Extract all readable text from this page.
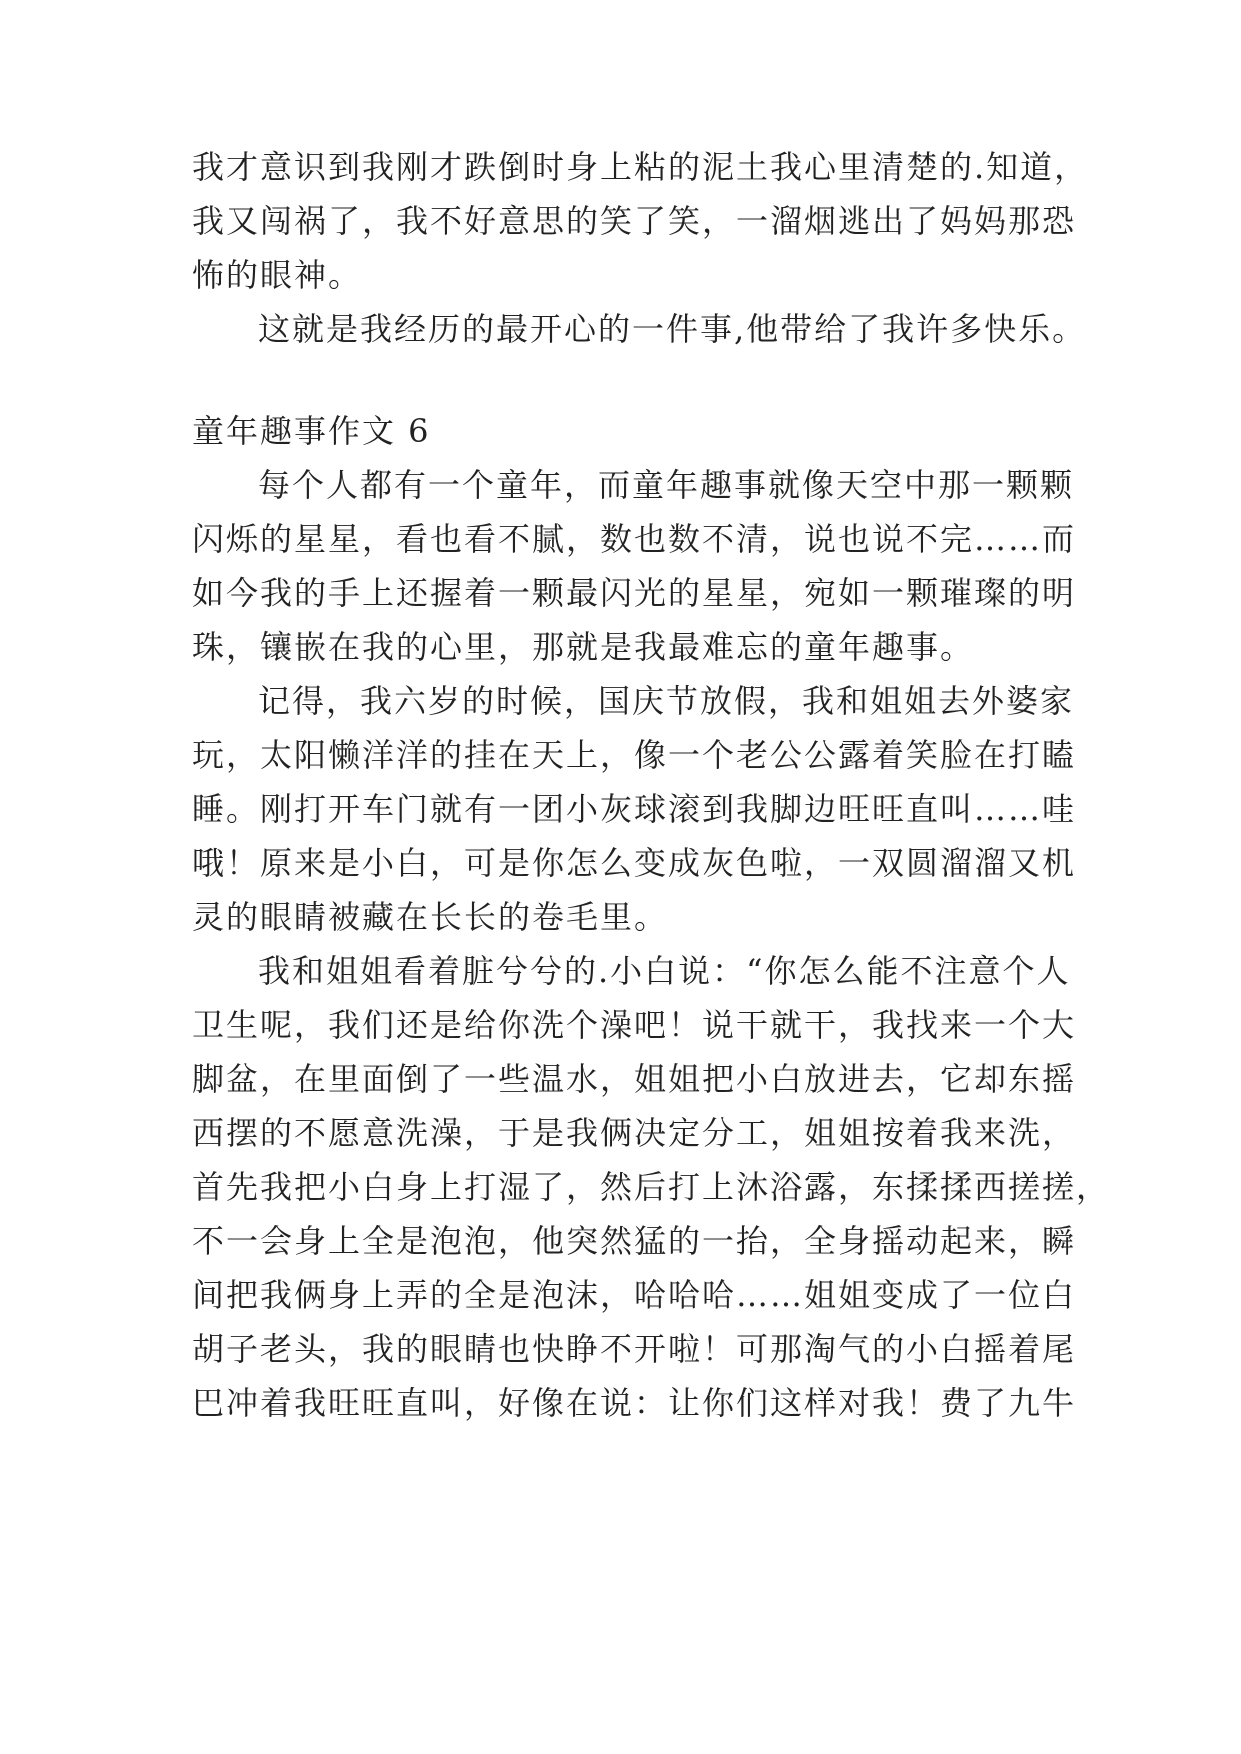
我才意识到我刚才跌倒时身上粘的泥土我心里清楚的.知道，
我又闯祸了，我不好意思的笑了笑，一溜烟逃出了妈妈那恐
怖的眼神。
这就是我经历的最开心的一件事,他带给了我许多快乐。
童年趣事作文 6
每个人都有一个童年，而童年趣事就像天空中那一颗颗
闪烁的星星，看也看不腻，数也数不清，说也说不完……而
如今我的手上还握着一颗最闪光的星星，宛如一颗璀璨的明
珠，镶嵌在我的心里，那就是我最难忘的童年趣事。
记得，我六岁的时候，国庆节放假，我和姐姐去外婆家
玩，太阳懒洋洋的挂在天上，像一个老公公露着笑脸在打瞌
睡。刚打开车门就有一团小灰球滚到我脚边旺旺直叫……哇
哦！原来是小白，可是你怎么变成灰色啦，一双圆溜溜又机
灵的眼睛被藏在长长的卷毛里。
我和姐姐看着脏兮兮的.小白说：“你怎么能不注意个人
卫生呢，我们还是给你洗个澡吧！说干就干，我找来一个大
脚盆，在里面倒了一些温水，姐姐把小白放进去，它却东摇
西摆的不愿意洗澡，于是我俩决定分工，姐姐按着我来洗，
首先我把小白身上打湿了，然后打上沐浴露，东揉揉西搓搓，
不一会身上全是泡泡，他突然猛的一抬，全身摇动起来，瞬
间把我俩身上弄的全是泡沫，哈哈哈……姐姐变成了一位白
胡子老头，我的眼睛也快睁不开啦！可那淘气的小白摇着尾
巴冲着我旺旺直叫，好像在说：让你们这样对我！费了九牛
